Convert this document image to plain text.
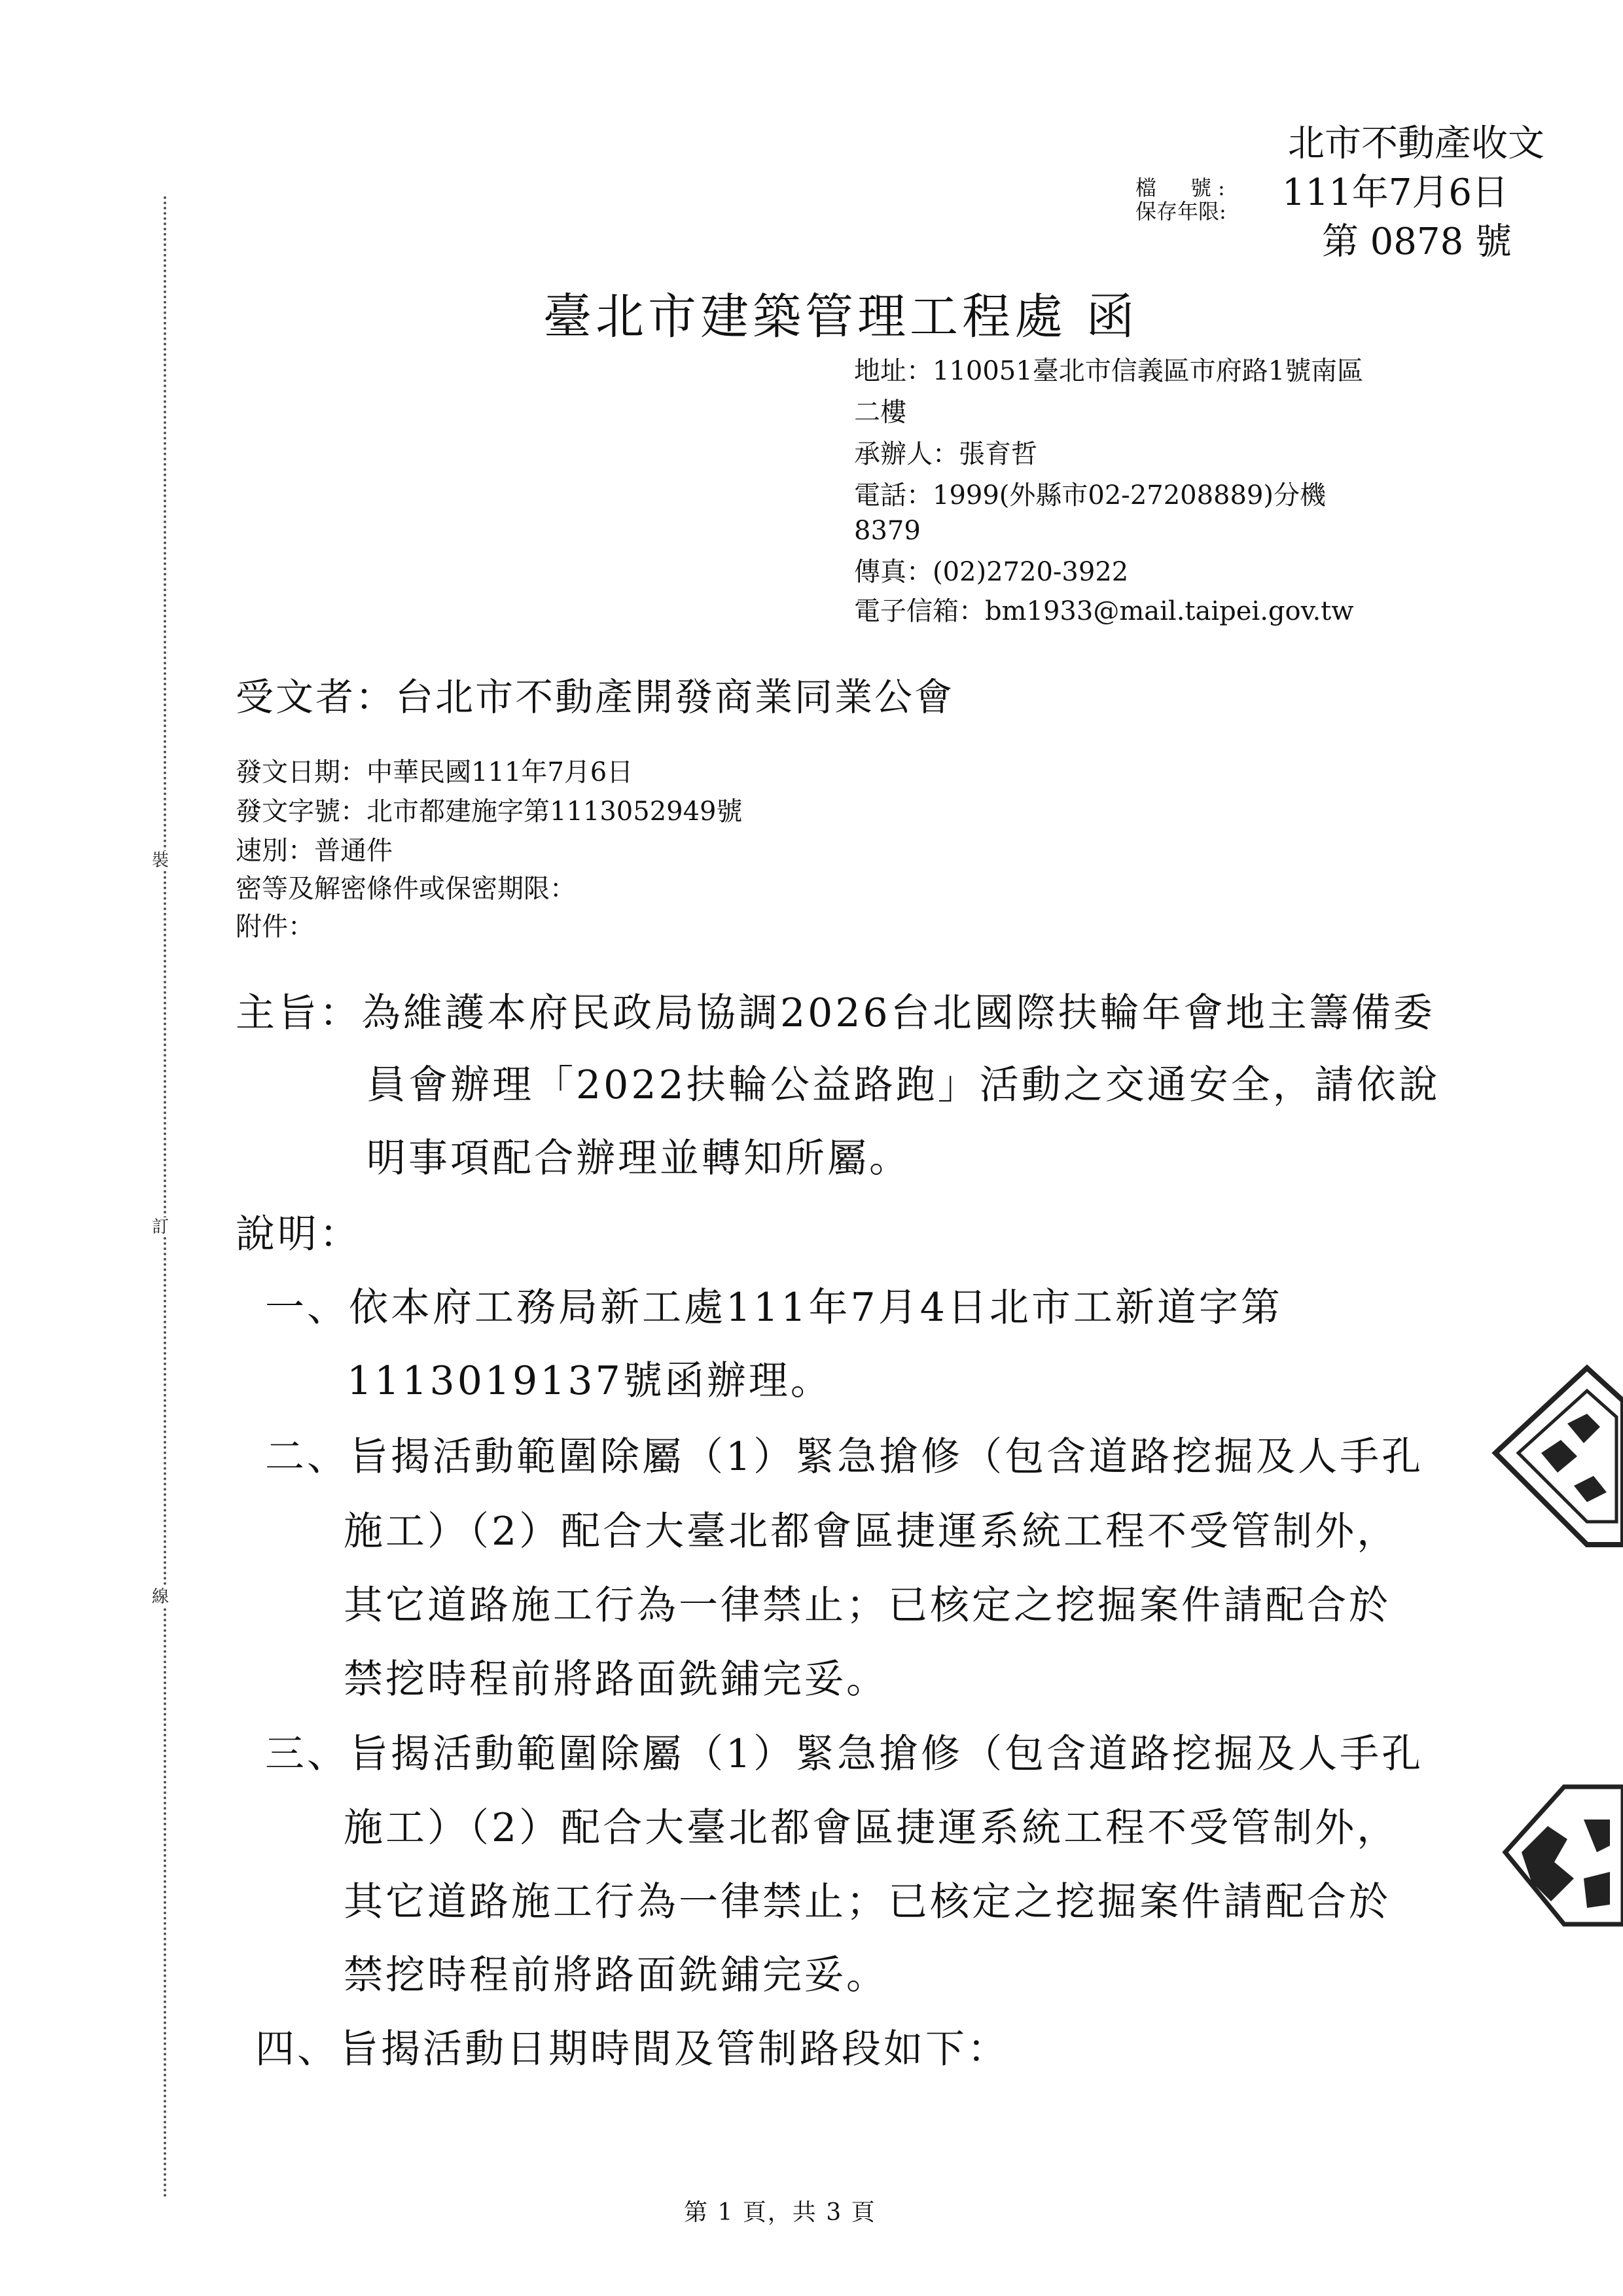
裝
訂
線
北市不動產收文
檔　號:
保存年限: 111年7月6日
第 0878 號
臺北市建築管理工程處 函
地址：110051臺北市信義區市府路1號南區
二樓
承辦人：張育哲
電話：1999(外縣市02-27208889)分機
8379
傳真：(02)2720-3922
電子信箱：bm1933@mail.taipei.gov.tw
受文者：台北市不動產開發商業同業公會
發文日期：中華民國111年7月6日
發文字號：北市都建施字第1113052949號
速別：普通件
密等及解密條件或保密期限：
附件：
主旨：為維護本府民政局協調2026台北國際扶輪年會地主籌備委
員會辦理「2022扶輪公益路跑」活動之交通安全，請依說
明事項配合辦理並轉知所屬。
說明：
一、依本府工務局新工處111年7月4日北市工新道字第
1113019137號函辦理。
二、旨揭活動範圍除屬（1）緊急搶修（包含道路挖掘及人手孔
施工）（2）配合大臺北都會區捷運系統工程不受管制外，
其它道路施工行為一律禁止；已核定之挖掘案件請配合於
禁挖時程前將路面銑鋪完妥。
三、旨揭活動範圍除屬（1）緊急搶修（包含道路挖掘及人手孔
施工）（2）配合大臺北都會區捷運系統工程不受管制外，
其它道路施工行為一律禁止；已核定之挖掘案件請配合於
禁挖時程前將路面銑鋪完妥。
四、旨揭活動日期時間及管制路段如下：
第 1 頁，共 3 頁
